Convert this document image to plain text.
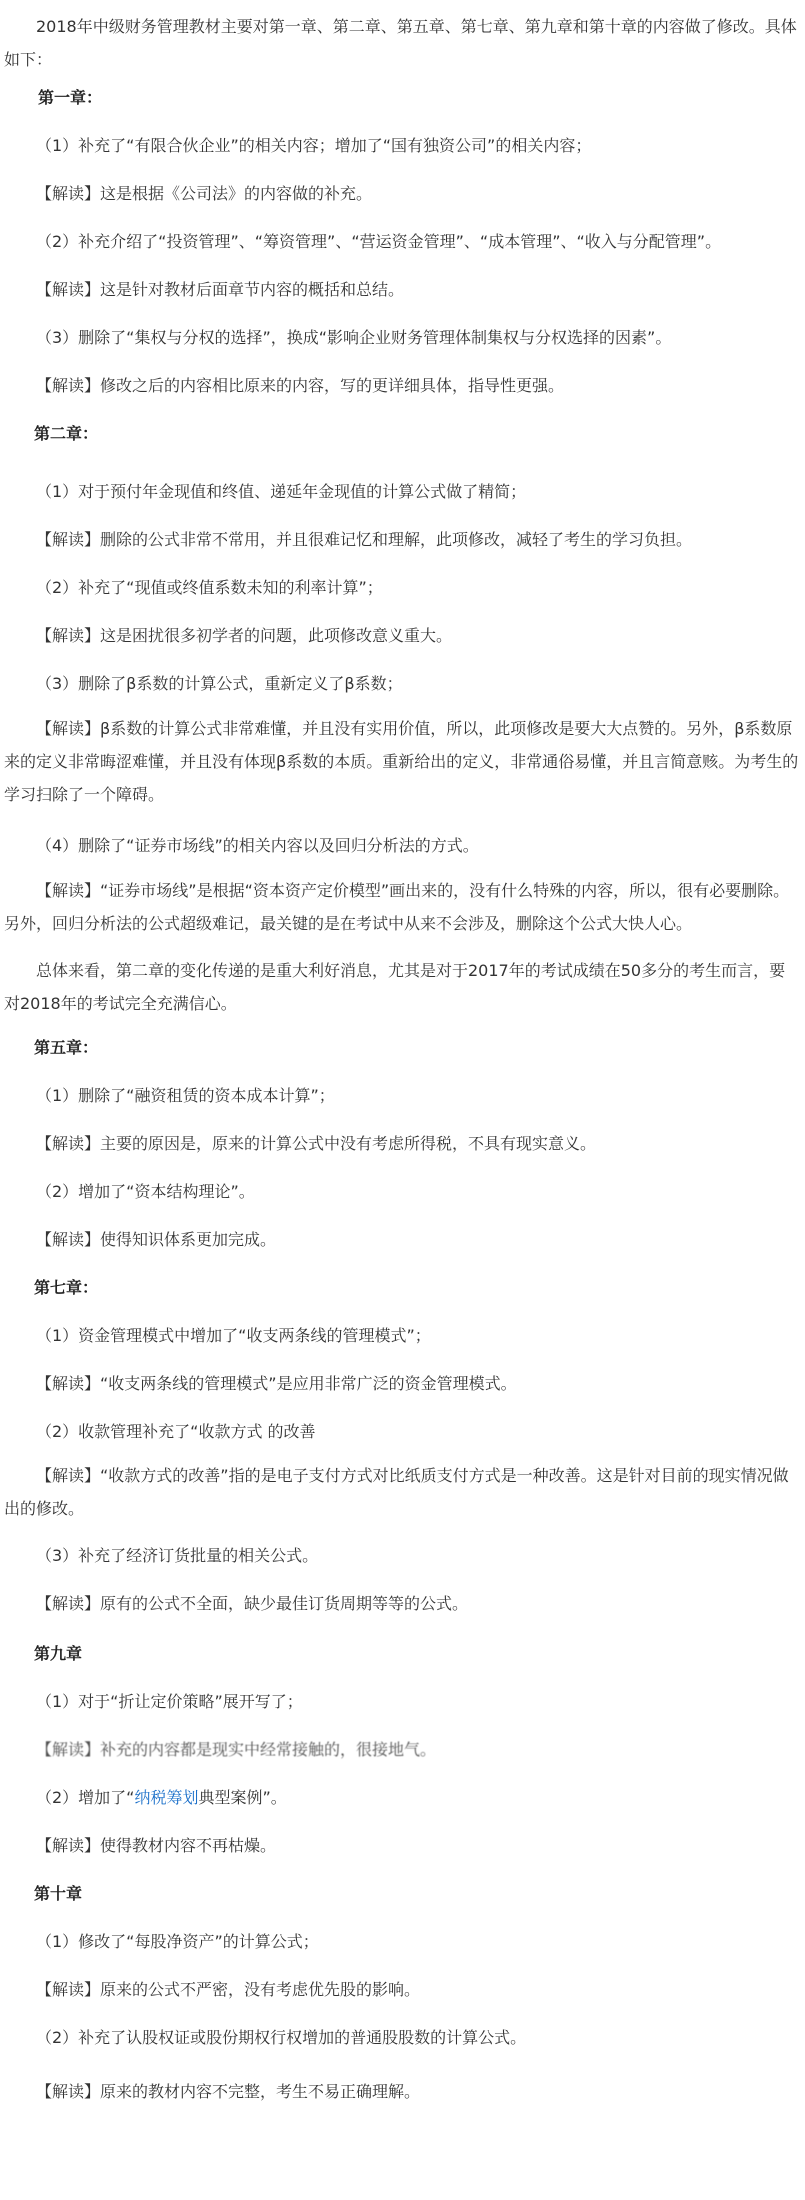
2018年中级财务管理教材主要对第一章、第二章、第五章、第七章、第九章和第十章的内容做了修改。具体如下：
第一章：
（1）补充了“有限合伙企业”的相关内容；增加了“国有独资公司”的相关内容；
【解读】这是根据《公司法》的内容做的补充。
（2）补充介绍了“投资管理”、“筹资管理”、“营运资金管理”、“成本管理”、“收入与分配管理”。
【解读】这是针对教材后面章节内容的概括和总结。
（3）删除了“集权与分权的选择”，换成“影响企业财务管理体制集权与分权选择的因素”。
【解读】修改之后的内容相比原来的内容，写的更详细具体，指导性更强。
第二章：
（1）对于预付年金现值和终值、递延年金现值的计算公式做了精简；
【解读】删除的公式非常不常用，并且很难记忆和理解，此项修改，减轻了考生的学习负担。
（2）补充了“现值或终值系数未知的利率计算”；
【解读】这是困扰很多初学者的问题，此项修改意义重大。
（3）删除了β系数的计算公式，重新定义了β系数；
【解读】β系数的计算公式非常难懂，并且没有实用价值，所以，此项修改是要大大点赞的。另外，β系数原来的定义非常晦涩难懂，并且没有体现β系数的本质。重新给出的定义，非常通俗易懂，并且言简意赅。为考生的学习扫除了一个障碍。
（4）删除了“证券市场线”的相关内容以及回归分析法的方式。
【解读】“证券市场线”是根据“资本资产定价模型”画出来的，没有什么特殊的内容，所以，很有必要删除。另外，回归分析法的公式超级难记，最关键的是在考试中从来不会涉及，删除这个公式大快人心。
总体来看，第二章的变化传递的是重大利好消息，尤其是对于2017年的考试成绩在50多分的考生而言，要对2018年的考试完全充满信心。
第五章：
（1）删除了“融资租赁的资本成本计算”；
【解读】主要的原因是，原来的计算公式中没有考虑所得税，不具有现实意义。
（2）增加了“资本结构理论”。
【解读】使得知识体系更加完成。
第七章：
（1）资金管理模式中增加了“收支两条线的管理模式”；
【解读】“收支两条线的管理模式”是应用非常广泛的资金管理模式。
（2）收款管理补充了“收款方式 的改善
【解读】“收款方式的改善”指的是电子支付方式对比纸质支付方式是一种改善。这是针对目前的现实情况做出的修改。
（3）补充了经济订货批量的相关公式。
【解读】原有的公式不全面，缺少最佳订货周期等等的公式。
第九章
（1）对于“折让定价策略”展开写了；
【解读】补充的内容都是现实中经常接触的，很接地气。
（2）增加了“纳税筹划典型案例”。
【解读】使得教材内容不再枯燥。
第十章
（1）修改了“每股净资产”的计算公式；
【解读】原来的公式不严密，没有考虑优先股的影响。
（2）补充了认股权证或股份期权行权增加的普通股股数的计算公式。
【解读】原来的教材内容不完整，考生不易正确理解。
